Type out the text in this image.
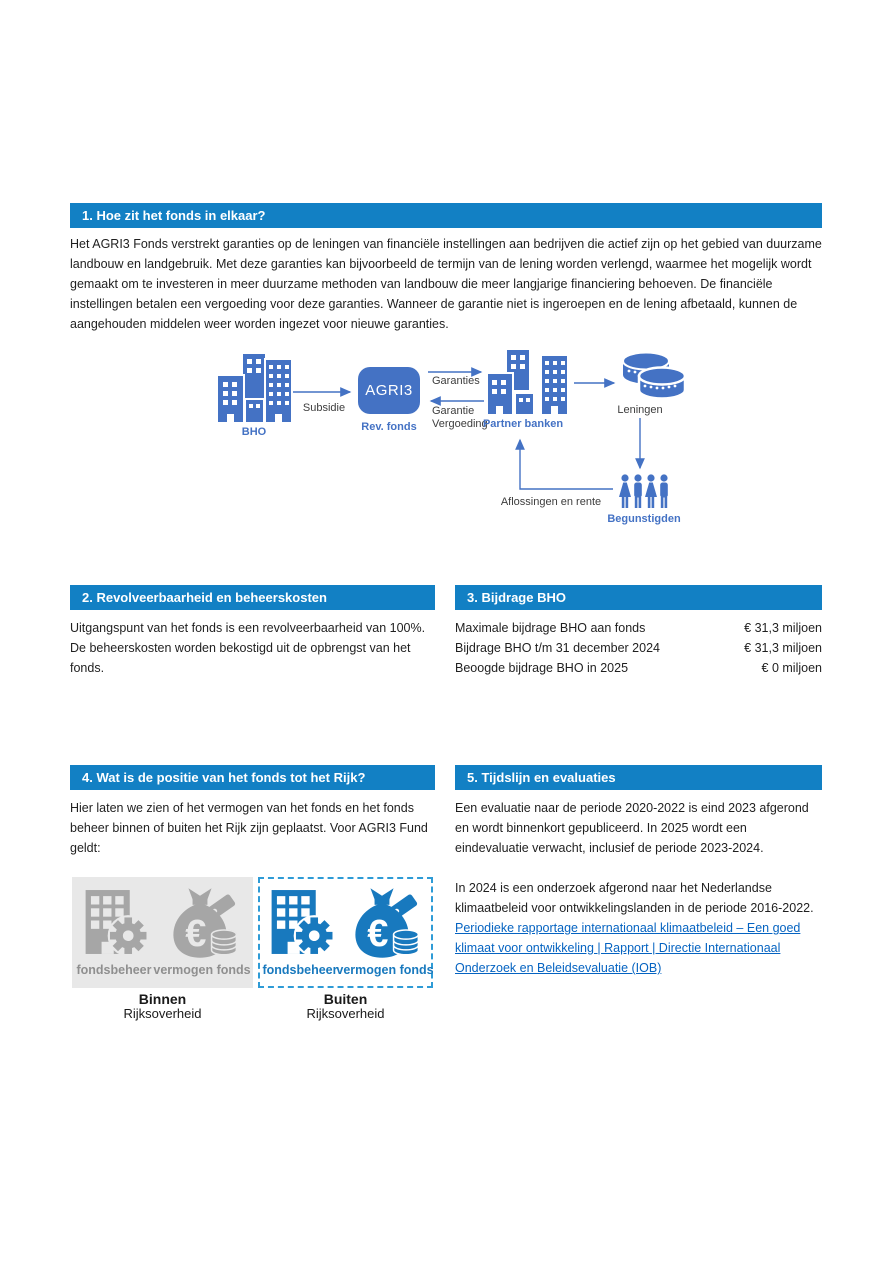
1. Hoe zit het fonds in elkaar?
Het AGRI3 Fonds verstrekt garanties op de leningen van financiële instellingen aan bedrijven die actief zijn op het gebied van duurzame landbouw en landgebruik. Met deze garanties kan bijvoorbeeld de termijn van de lening worden verlengd, waarmee het mogelijk wordt gemaakt om te investeren in meer duurzame methoden van landbouw die meer langjarige financiering behoeven. De financiële instellingen betalen een vergoeding voor deze garanties. Wanneer de garantie niet is ingeroepen en de lening afbetaald, kunnen de aangehouden middelen weer worden ingezet voor nieuwe garanties.
BHO
Subsidie
AGRI3
Rev. fonds
Garanties
Garantie Vergoeding
Partner banken
Leningen
Begunstigden
Aflossingen en rente
2. Revolveerbaarheid en beheerskosten
Uitgangspunt van het fonds is een revolveerbaarheid van 100%. De beheerskosten worden bekostigd uit de opbrengst van het fonds.
3. Bijdrage BHO
Maximale bijdrage BHO aan fonds	€ 31,3 miljoen
Bijdrage BHO t/m 31 december 2024	€ 31,3 miljoen
Beoogde bijdrage BHO in 2025	€ 0 miljoen
4. Wat is de positie van het fonds tot het Rijk?
Hier laten we zien of het vermogen van het fonds en het fonds beheer binnen of buiten het Rijk zijn geplaatst. Voor AGRI3 Fund geldt:
€
fondsbeheer vermogen fonds
Binnen
Rijksoverheid
€
fondsbeheer
vermogen fonds
Buiten
Rijksoverheid
5. Tijdslijn en evaluaties
Een evaluatie naar de periode 2020-2022 is eind 2023 afgerond en wordt binnenkort gepubliceerd. In 2025 wordt een eindevaluatie verwacht, inclusief de periode 2023-2024.
In 2024 is een onderzoek afgerond naar het Nederlandse klimaatbeleid voor ontwikkelingslanden in de periode 2016-2022.
Periodieke rapportage internationaal klimaatbeleid – Een goed klimaat voor ontwikkeling | Rapport | Directie Internationaal Onderzoek en Beleidsevaluatie (IOB)
